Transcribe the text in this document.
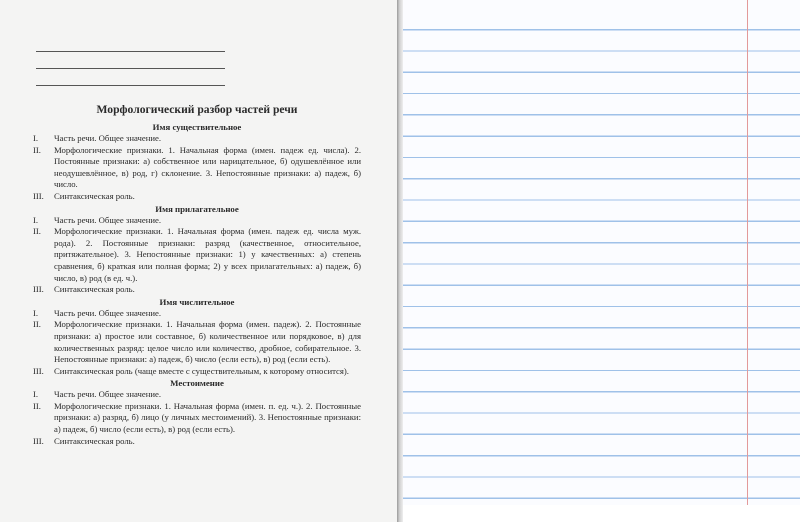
Морфологический разбор частей речи
Имя существительное
I. Часть речи. Общее значение.
II. Морфологические признаки. 1. Начальная форма (имен. падеж ед. числа). 2. Постоянные признаки: а) собственное или нарицательное, б) одушевлённое или неодушевлённое, в) род, г) склонение. 3. Непостоянные признаки: а) падеж, б) число.
III. Синтаксическая роль.
Имя прилагательное
I. Часть речи. Общее значение.
II. Морфологические признаки. 1. Начальная форма (имен. падеж ед. числа муж. рода). 2. Постоянные признаки: разряд (качественное, относительное, притяжательное). 3. Непостоянные признаки: 1) у качественных: а) степень сравнения, б) краткая или полная форма; 2) у всех прилагательных: а) падеж, б) число, в) род (в ед. ч.).
III. Синтаксическая роль.
Имя числительное
I. Часть речи. Общее значение.
II. Морфологические признаки. 1. Начальная форма (имен. падеж). 2. Постоянные признаки: а) простое или составное, б) количественное или порядковое, в) для количественных разряд: целое число или количество, дробное, собирательное. 3. Непостоянные признаки: а) падеж, б) число (если есть), в) род (если есть).
III. Синтаксическая роль (чаще вместе с существительным, к которому относится).
Местоимение
I. Часть речи. Общее значение.
II. Морфологические признаки. 1. Начальная форма (имен. п. ед. ч.). 2. Постоянные признаки: а) разряд, б) лицо (у личных местоимений). 3. Непостоянные признаки: а) падеж, б) число (если есть), в) род (если есть).
III. Синтаксическая роль.
